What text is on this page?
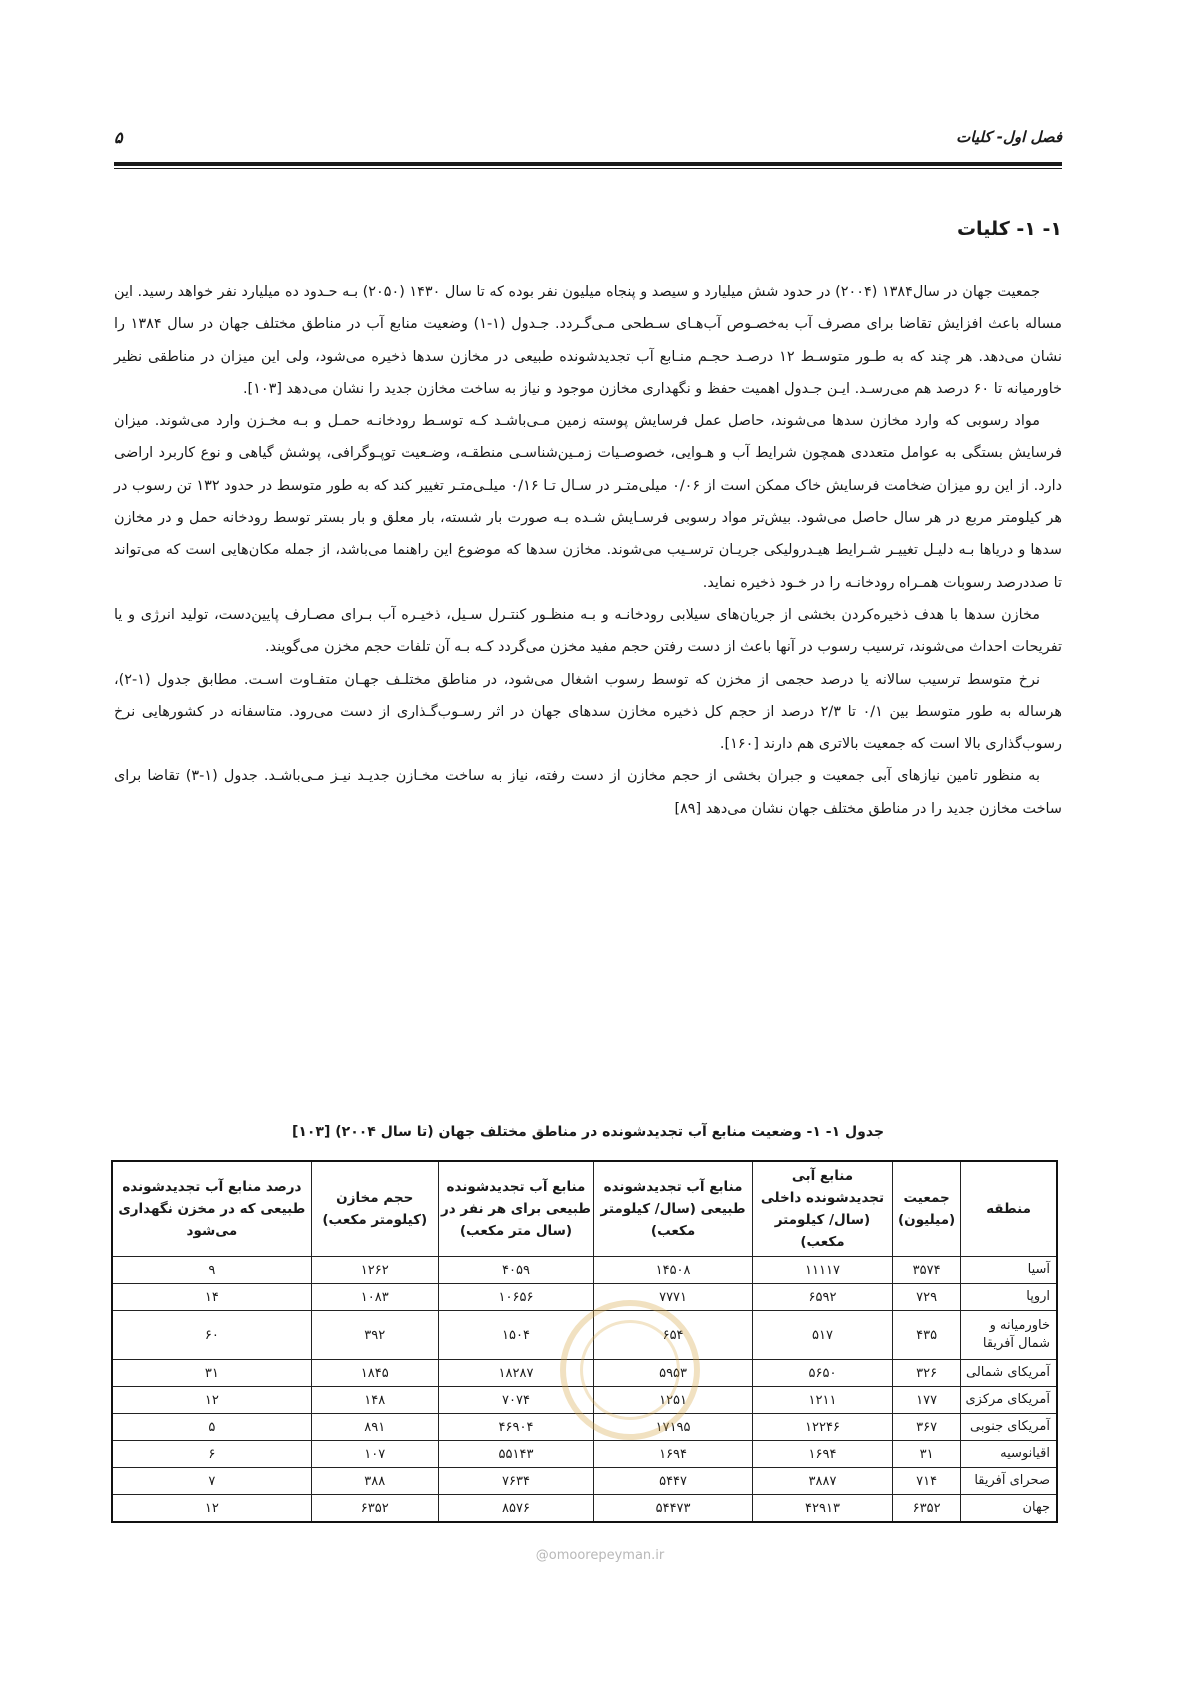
فصل اول- کلیات
۵
۱- ۱- کلیات

جمعیت جهان در سال۱۳۸۴ (۲۰۰۴) در حدود شش میلیارد و سیصد و پنجاه میلیون نفر بوده که تا سال ۱۴۳۰ (۲۰۵۰) بـه حـدود ده میلیارد نفر خواهد رسید. این مساله باعث افزایش تقاضا برای مصرف آب به‌خصـوص آب‌هـای سـطحی مـی‌گـردد. جـدول (۱-۱) وضعیت منابع آب در مناطق مختلف جهان در سال ۱۳۸۴ را نشان می‌دهد. هر چند که به طـور متوسـط ۱۲ درصـد حجـم منـابع آب تجدیدشونده طبیعی در مخازن سدها ذخیره می‌شود، ولی این میزان در مناطقی نظیر خاورمیانه تا ۶۰ درصد هم می‌رسـد. ایـن جـدول اهمیت حفظ و نگهداری مخازن موجود و نیاز به ساخت مخازن جدید را نشان می‌دهد [۱۰۳].

مواد رسوبی که وارد مخازن سدها می‌شوند، حاصل عمل فرسایش پوسته زمین مـی‌باشـد کـه توسـط رودخانـه حمـل و بـه مخـزن وارد می‌شوند. میزان فرسایش بستگی به عوامل متعددی همچون شرایط آب و هـوایی، خصوصـیات زمـین‌شناسـی منطقـه، وضـعیت توپـوگرافی، پوشش گیاهی و نوع کاربرد اراضی دارد. از این رو میزان ضخامت فرسایش خاک ممکن است از ۰/۰۶ میلی‌متـر در سـال تـا ۰/۱۶ میلـی‌متـر تغییر کند که به طور متوسط در حدود ۱۳۲ تن رسوب در هر کیلومتر مربع در هر سال حاصل می‌شود. بیش‌تر مواد رسوبی فرسـایش شـده بـه صورت بار شسته، بار معلق و بار بستر توسط رودخانه حمل و در مخازن سدها و دریاها بـه دلیـل تغییـر شـرایط هیـدرولیکی جریـان ترسـیب می‌شوند. مخازن سدها که موضوع این راهنما می‌باشد، از جمله مکان‌هایی است که می‌تواند تا صددرصد رسوبات همـراه رودخانـه را در خـود ذخیره نماید.

مخازن سدها با هدف ذخیره‌کردن بخشی از جریان‌های سیلابی رودخانـه و بـه منظـور کنتـرل سـیل، ذخیـره آب بـرای مصـارف پایین‌دست، تولید انرژی و یا تفریحات احداث می‌شوند، ترسیب رسوب در آنها باعث از دست رفتن حجم مفید مخزن می‌گردد کـه بـه آن تلفات حجم مخزن می‌گویند.

نرخ متوسط ترسیب سالانه یا درصد حجمی از مخزن که توسط رسوب اشغال می‌شود، در مناطق مختلـف جهـان متفـاوت اسـت. مطابق جدول (۱-۲)، هرساله به طور متوسط بین ۰/۱ تا ۲/۳ درصد از حجم کل ذخیره مخازن سدهای جهان در اثر رسـوب‌گـذاری از دست می‌رود. متاسفانه در کشورهایی نرخ رسوب‌گذاری بالا است که جمعیت بالاتری هم دارند [۱۶۰].

به منظور تامین نیازهای آبی جمعیت و جبران بخشی از حجم مخازن از دست رفته، نیاز به ساخت مخـازن جدیـد نیـز مـی‌باشـد. جدول (۱-۳) تقاضا برای ساخت مخازن جدید را در مناطق مختلف جهان نشان می‌دهد [۸۹]

جدول ۱- ۱- وضعیت منابع آب تجدیدشونده در مناطق مختلف جهان (تا سال ۲۰۰۴) [۱۰۳]
منطقه	جمعیت (میلیون)	منابع آبی تجدیدشونده داخلی (سال/ کیلومتر مکعب)	منابع آب تجدیدشونده طبیعی (سال/ کیلومتر مکعب)	منابع آب تجدیدشونده طبیعی برای هر نفر در (سال متر مکعب)	حجم مخازن (کیلومتر مکعب)	درصد منابع آب تجدیدشونده طبیعی که در مخزن نگهداری می‌شود
آسیا	۳۵۷۴	۱۱۱۱۷	۱۴۵۰۸	۴۰۵۹	۱۲۶۲	۹
اروپا	۷۲۹	۶۵۹۲	۷۷۷۱	۱۰۶۵۶	۱۰۸۳	۱۴
خاورمیانه و شمال آفریقا	۴۳۵	۵۱۷	۶۵۴	۱۵۰۴	۳۹۲	۶۰
آمریکای شمالی	۳۲۶	۵۶۵۰	۵۹۵۳	۱۸۲۸۷	۱۸۴۵	۳۱
آمریکای مرکزی	۱۷۷	۱۲۱۱	۱۲۵۱	۷۰۷۴	۱۴۸	۱۲
آمریکای جنوبی	۳۶۷	۱۲۲۴۶	۱۷۱۹۵	۴۶۹۰۴	۸۹۱	۵
اقیانوسیه	۳۱	۱۶۹۴	۱۶۹۴	۵۵۱۴۳	۱۰۷	۶
صحرای آفریقا	۷۱۴	۳۸۸۷	۵۴۴۷	۷۶۳۴	۳۸۸	۷
جهان	۶۳۵۲	۴۲۹۱۳	۵۴۴۷۳	۸۵۷۶	۶۳۵۲	۱۲
@omoorepeyman.ir
